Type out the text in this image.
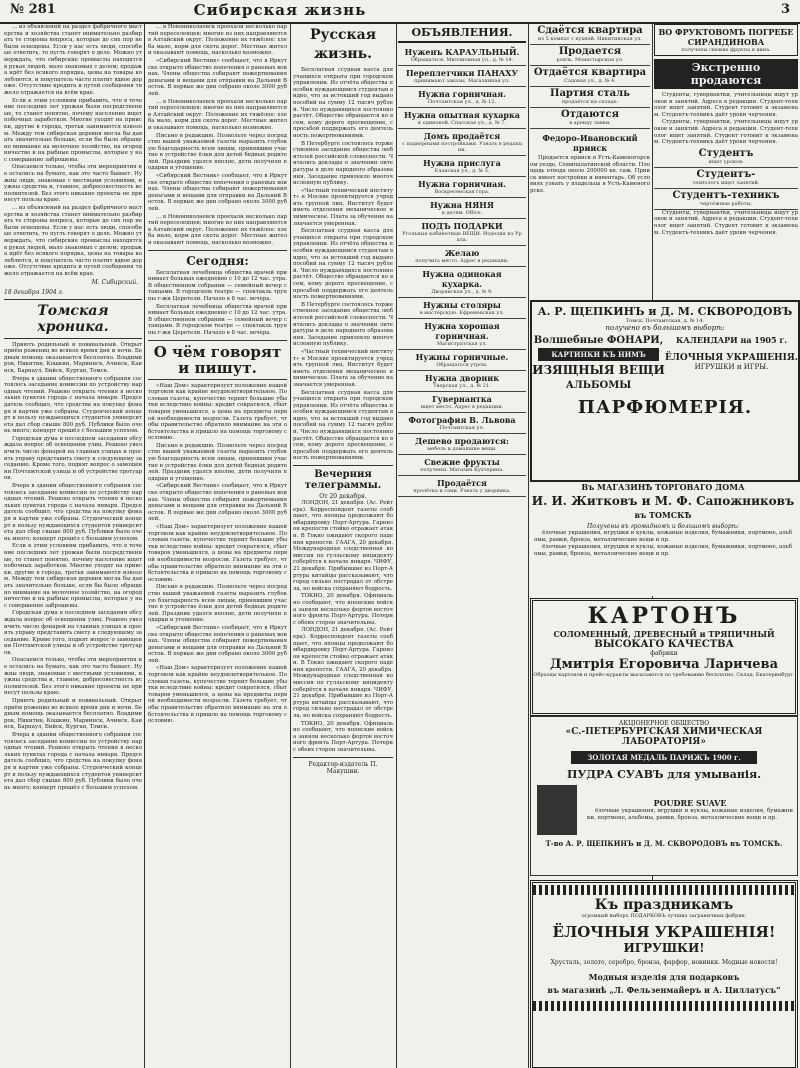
№ 281	Сибирская жизнь	3

... из объявлений на раздел фабричного мастерства и хозяйства станет внимательно разбирать те стороны вопроса, которые до сих пор не были освещены. Если у нас есть люди, способные ответить, то пусть говорят о деле. Можно утверждать, что сибирские промыслы находятся в руках людей, мало знакомых с делом; продажа идёт без всякого порядка, цены на товары колеблются, и покупатель часто платит вдвое дороже. Отсутствие кредита и путей сообщения тяжело отражается на всём крае.

Если к этим условиям прибавить, что в течение последних лет урожаи были посредственные, то станет понятно, почему население ищет побочных заработков. Многие уходят на прииски, другие в города, третьи занимаются извозом. Между тем сибирская деревня могла бы давать значительно больше, если бы было обращено внимание на молочное хозяйство, на огородничество и на рыбные промыслы, которые у нас совершенно заброшены.

Опасаемся только, чтобы эти мероприятия не остались на бумаге, как это часто бывает. Нужны люди, знакомые с местными условиями, нужны средства и, главное, добросовестность исполнителей. Без этого никакие проекты не принесут пользы краю.

... из объявлений на раздел фабричного мастерства и хозяйства станет внимательно разбирать те стороны вопроса, которые до сих пор не были освещены. Если у нас есть люди, способные ответить, то пусть говорят о деле. Можно утверждать, что сибирские промыслы находятся в руках людей, мало знакомых с делом; продажа идёт без всякого порядка, цены на товары колеблются, и покупатель часто платит вдвое дороже. Отсутствие кредита и путей сообщения тяжело отражается на всём крае.

М. Сибирский.
18 декабря 1904 г.
Томская хроника.

Приютъ родильный и повивальный. Открыт приём рожениц во всякое время дня и ночи. Бедным помощь оказывается бесплатно. Владимиров, Никитин, Кошкин, Мариинск, Ачинск, Каинск, Барнаул, Бийск, Курган, Томск.

Вчера в здании общественного собрания состоялось заседание комиссии по устройству народных чтений. Решено открыть чтения в нескольких пунктах города с начала января. Председатель сообщил, что средства на покупку фонаря и картин уже собраны. Студенческий концерт в пользу нуждающихся студентов университета дал сбор свыше 800 руб. Публики было очень много; концерт прошёл с большим успехом.

Городская дума в последнем заседании обсуждала вопрос об освещении улиц. Решено увеличить число фонарей на главных улицах и просить управу представить смету к следующему заседанию. Кроме того, поднят вопрос о замощении Почтамтской улицы и об устройстве тротуаров.

Вчера в здании общественного собрания состоялось заседание комиссии по устройству народных чтений. Решено открыть чтения в нескольких пунктах города с начала января. Председатель сообщил, что средства на покупку фонаря и картин уже собраны. Студенческий концерт в пользу нуждающихся студентов университета дал сбор свыше 800 руб. Публики было очень много; концерт прошёл с большим успехом.

Если к этим условиям прибавить, что в течение последних лет урожаи были посредственные, то станет понятно, почему население ищет побочных заработков. Многие уходят на прииски, другие в города, третьи занимаются извозом. Между тем сибирская деревня могла бы давать значительно больше, если бы было обращено внимание на молочное хозяйство, на огородничество и на рыбные промыслы, которые у нас совершенно заброшены.

Городская дума в последнем заседании обсуждала вопрос об освещении улиц. Решено увеличить число фонарей на главных улицах и просить управу представить смету к следующему заседанию. Кроме того, поднят вопрос о замощении Почтамтской улицы и об устройстве тротуаров.

Опасаемся только, чтобы эти мероприятия не остались на бумаге, как это часто бывает. Нужны люди, знакомые с местными условиями, нужны средства и, главное, добросовестность исполнителей. Без этого никакие проекты не принесут пользы краю.

Приютъ родильный и повивальный. Открыт приём рожениц во всякое время дня и ночи. Бедным помощь оказывается бесплатно. Владимиров, Никитин, Кошкин, Мариинск, Ачинск, Каинск, Барнаул, Бийск, Курган, Томск.

Вчера в здании общественного собрания состоялось заседание комиссии по устройству народных чтений. Решено открыть чтения в нескольких пунктах города с начала января. Председатель сообщил, что средства на покупку фонаря и картин уже собраны. Студенческий концерт в пользу нуждающихся студентов университета дал сбор свыше 800 руб. Публики было очень много; концерт прошёл с большим успехом.

... в Новониколаевск проехали несколько партий переселенцев; многие из них направляются в Алтайский округ. Положение их тяжёлое: хлеба мало, корм для скота дорог. Местные жители оказывают помощь, насколько возможно.

«Сибирский Вестник» сообщает, что в Иркутске открыто общество попечения о раненых воинах. Члены общества собирают пожертвования деньгами и вещами для отправки на Дальний Восток. В первые же дни собрано около 3000 рублей.

... в Новониколаевск проехали несколько партий переселенцев; многие из них направляются в Алтайский округ. Положение их тяжёлое: хлеба мало, корм для скота дорог. Местные жители оказывают помощь, насколько возможно.

Письмо в редакцию. Позвольте через посредство вашей уважаемой газеты выразить глубокую благодарность всем лицам, принявшим участие в устройстве ёлки для детей бедных родителей. Праздник удался вполне, дети получили подарки и угощение.

«Сибирский Вестник» сообщает, что в Иркутске открыто общество попечения о раненых воинах. Члены общества собирают пожертвования деньгами и вещами для отправки на Дальний Восток. В первые же дни собрано около 3000 рублей.

... в Новониколаевск проехали несколько партий переселенцев; многие из них направляются в Алтайский округ. Положение их тяжёлое: хлеба мало, корм для скота дорог. Местные жители оказывают помощь, насколько возможно.

Сегодня:

Бесплатная лечебница общества врачей принимает больных ежедневно с 10 до 12 час. утра. В общественном собрании — семейный вечер с танцами. В городском театре — спектакль труппы г-жи Церетели. Начало в 8 час. вечера.

Бесплатная лечебница общества врачей принимает больных ежедневно с 10 до 12 час. утра. В общественном собрании — семейный вечер с танцами. В городском театре — спектакль труппы г-жи Церетели. Начало в 8 час. вечера.

О чём говорят и пишут.

«Наш Дом» характеризует положение нашей торговли как крайне неудовлетворительное. По словам газеты, купечество терпит большие убытки вследствие войны: кредит сократился, сбыт товаров уменьшился, а цены на предметы первой необходимости возросли. Газета требует, чтобы правительство обратило внимание на эти обстоятельства и пришло на помощь торговому сословию.

Письмо в редакцию. Позвольте через посредство вашей уважаемой газеты выразить глубокую благодарность всем лицам, принявшим участие в устройстве ёлки для детей бедных родителей. Праздник удался вполне, дети получили подарки и угощение.

«Сибирский Вестник» сообщает, что в Иркутске открыто общество попечения о раненых воинах. Члены общества собирают пожертвования деньгами и вещами для отправки на Дальний Восток. В первые же дни собрано около 3000 рублей.

«Наш Дом» характеризует положение нашей торговли как крайне неудовлетворительное. По словам газеты, купечество терпит большие убытки вследствие войны: кредит сократился, сбыт товаров уменьшился, а цены на предметы первой необходимости возросли. Газета требует, чтобы правительство обратило внимание на эти обстоятельства и пришло на помощь торговому сословию.

Письмо в редакцию. Позвольте через посредство вашей уважаемой газеты выразить глубокую благодарность всем лицам, принявшим участие в устройстве ёлки для детей бедных родителей. Праздник удался вполне, дети получили подарки и угощение.

«Сибирский Вестник» сообщает, что в Иркутске открыто общество попечения о раненых воинах. Члены общества собирают пожертвования деньгами и вещами для отправки на Дальний Восток. В первые же дни собрано около 3000 рублей.

«Наш Дом» характеризует положение нашей торговли как крайне неудовлетворительное. По словам газеты, купечество терпит большие убытки вследствие войны: кредит сократился, сбыт товаров уменьшился, а цены на предметы первой необходимости возросли. Газета требует, чтобы правительство обратило внимание на эти обстоятельства и пришло на помощь торговому сословию.

Русская жизнь.

Бесплатная ссудная касса для учащихся открыта при городском управлении. Из отчёта общества пособия нуждающимся студентам видно, что за истекший год выдано пособий на сумму 12 тысяч рублей. Число нуждающихся постоянно растёт. Общество обращается ко всем, кому дорого просвещение, с просьбой поддержать его деятельность пожертвованиями.

В Петербурге состоялось торжественное заседание общества любителей российской словесности. Читались доклады о значении литературы в деле народного образования. Заседание привлекло многочисленную публику.

«Частный технический институт» в Москве проектируется учредить группой лиц. Институт будет иметь отделения механическое и химическое. Плата за обучение назначается умеренная.

Бесплатная ссудная касса для учащихся открыта при городском управлении. Из отчёта общества пособия нуждающимся студентам видно, что за истекший год выдано пособий на сумму 12 тысяч рублей. Число нуждающихся постоянно растёт. Общество обращается ко всем, кому дорого просвещение, с просьбой поддержать его деятельность пожертвованиями.

В Петербурге состоялось торжественное заседание общества любителей российской словесности. Читались доклады о значении литературы в деле народного образования. Заседание привлекло многочисленную публику.

«Частный технический институт» в Москве проектируется учредить группой лиц. Институт будет иметь отделения механическое и химическое. Плата за обучение назначается умеренная.

Бесплатная ссудная касса для учащихся открыта при городском управлении. Из отчёта общества пособия нуждающимся студентам видно, что за истекший год выдано пособий на сумму 12 тысяч рублей. Число нуждающихся постоянно растёт. Общество обращается ко всем, кому дорого просвещение, с просьбой поддержать его деятельность пожертвованиями.

Вечерния телеграммы.
От 20 декабря.

ЛОНДОН, 21 декабря. (Ас. Рейтера). Корреспондент газеты сообщает, что японцы продолжают бомбардировку Порт-Артура. Гарнизон крепости стойко отражает атаки. В Токио ожидают скорого падения крепости. ГААГА, 20 декабря. Международная следственная комиссия по гулльскому инциденту соберётся в начале января. ЧИФУ, 21 декабря. Прибывшие из Порт-Артура китайцы рассказывают, что город сильно пострадал от обстрела, но войска сохраняют бодрость.

ТОКИО, 20 декабря. Официально сообщают, что японские войска заняли несколько фортов восточного фронта Порт-Артура. Потери с обеих сторон значительны.

ЛОНДОН, 21 декабря. (Ас. Рейтера). Корреспондент газеты сообщает, что японцы продолжают бомбардировку Порт-Артура. Гарнизон крепости стойко отражает атаки. В Токио ожидают скорого падения крепости. ГААГА, 20 декабря. Международная следственная комиссия по гулльскому инциденту соберётся в начале января. ЧИФУ, 21 декабря. Прибывшие из Порт-Артура китайцы рассказывают, что город сильно пострадал от обстрела, но войска сохраняют бодрость.

ТОКИО, 20 декабря. Официально сообщают, что японские войска заняли несколько фортов восточного фронта Порт-Артура. Потери с обеих сторон значительны.

Редактор-издатель П. Макушин.
ОБЪЯВЛЕНИЯ.
Нуженъ КАРАУЛЬНЫЙ.
Обращаться: Миллионная ул., д. № 14.
Переплетчики ПАНАХУ
принимают заказы. Магазинная ул.
Нужна горничная.
Почтамтская ул., д. № 12.
Нужна опытная кухарка
к одинокой. Спасская ул., д. № 7.
Домъ продаётся
с надворными постройками. Узнать в редакции.
Нужна прислуга
Еланская ул., д. № 5.
Нужна горничная.
Воскресенская гора.
Нужна НЯНЯ
к детям. Office.
ПОДЪ ПОДАРКИ
Угольные кабинетные ВЕЩИ. Изделия из Урала.
Желаю
получить место. Адрес в редакции.
Нужна одинокая кухарка.
Дворянская ул., д. № 9.
Нужны столяры
в мастерскую. Ефремовская ул.
Нужна хорошая горничная.
Магистратская ул.
Нужны горничные.
Обращаться утром.
Нужна дворник
Тверская ул., д. № 21.
Гувернантка
ищет место. Адрес в редакции.
Фотография В. Львова
Почтамтская ул.
Дешево продаются:
мебель и домашние вещи.
Свежие фрукты
получены. Магазин Кухтерина.
Продаётся
пролётка и сани. Узнать у дворника.
Сдаётся квартира
из 5 комнат с кухней. Никитинская ул.
Продается
рояль. Монастырская ул.
Отдаётся квартира
Садовая ул., д. № 4.
Партия сталь
продаётся на складе.
Отдаются
в аренду лавки.
Федоро-Ивановский прииск

Продается прииск в Усть-Каменогорском уезде, Семипалатинской области. Площадь отвода около 200000 кв. саж. Прииск имеет постройки и инвентарь. Об условиях узнать у владельца в Усть-Каменогорске.

ВО ФРУКТОВОМЪ ПОГРЕБЕ СИРАНДИНОВА
получены свежие фрукты и вина.
Экстренно продаются

Студенты, гувернантки, учительницы ищут уроков и занятий. Адреса в редакции. Студент-технолог ищет занятий. Студент готовит к экзаменам. Студентъ-техникъ даёт уроки черчения.

Студенты, гувернантки, учительницы ищут уроков и занятий. Адреса в редакции. Студент-технолог ищет занятий. Студент готовит к экзаменам. Студентъ-техникъ даёт уроки черчения.

Студентъ
ищет уроков.
Студентъ-
технологъ ищет занятий.
Студентъ-техникъ
чертёжные работы.

Студенты, гувернантки, учительницы ищут уроков и занятий. Адреса в редакции. Студент-технолог ищет занятий. Студент готовит к экзаменам. Студентъ-техникъ даёт уроки черчения.

А. Р. ЩЕПКИНЪ и Д. М. СКВОРОДОВЪ
Томск, Почтамтская, д. № 14.
получено въ большомъ выборѣ:
Волшебные ФОНАРИ,
КАРТИНКИ КЪ НИМЪ
ИЗЯЩНЫЯ ВЕЩИ
АЛЬБОМЫ
КАЛЕНДАРИ на 1905 г.
ЁЛОЧНЫЯ УКРАШЕНІЯ.
ИГРУШКИ и ИГРЫ.
ПАРФЮМЕРІЯ.
Въ МАГАЗИНѢ ТОРГОВАГО ДОМА
И. И. Житковъ и М. Ф. Сапожниковъ
въ ТОМСКѢ
Получены въ громадномъ и большомъ выборѣ:

ёлочные украшения, игрушки и куклы, кожаные изделия, бумажники, портмоне, альбомы, рамки, бронза, металлические вещи и пр.

ёлочные украшения, игрушки и куклы, кожаные изделия, бумажники, портмоне, альбомы, рамки, бронза, металлические вещи и пр.

КАРТОНЪ
СОЛОМЕННЫЙ, ДРЕВЕСНЫЙ и ТРЯПИЧНЫЙ
ВЫСОКАГО КАЧЕСТВА
фабрики
Дмитрія Егоровича Ларичева
Образцы картонов и прейс-куранты высылаются по требованию бесплатно. Склад: Екатеринбург.
АКЦІОНЕРНОЕ ОБЩЕСТВО
«С.-ПЕТЕРБУРГСКАЯ ХИМИЧЕСКАЯ ЛАБОРАТОРІЯ»
ЗОЛОТАЯ МЕДАЛЬ ПАРИЖЪ 1900 г.
ПУДРА СУАВЪ для умыванія.
POUDRE SUAVE

ёлочные украшения, игрушки и куклы, кожаные изделия, бумажники, портмоне, альбомы, рамки, бронза, металлические вещи и пр.

Т-во А. Р. ЩЕПКИНЪ и Д. М. СКВОРОДОВЪ въ ТОМСКѢ.
Къ праздникамъ
огромный выборъ ПОДАРКОВЪ лучших заграничных фабрик.
ЁЛОЧНЫЯ УКРАШЕНІЯ!
ИГРУШКИ!
Хрусталь, золото, серебро, бронза, фарфор, новинки. Модные новости!
Модныя изделія для подарковъ
въ магазинѣ „Л. Фельзенмайеръ и А. Циллатусъ“
